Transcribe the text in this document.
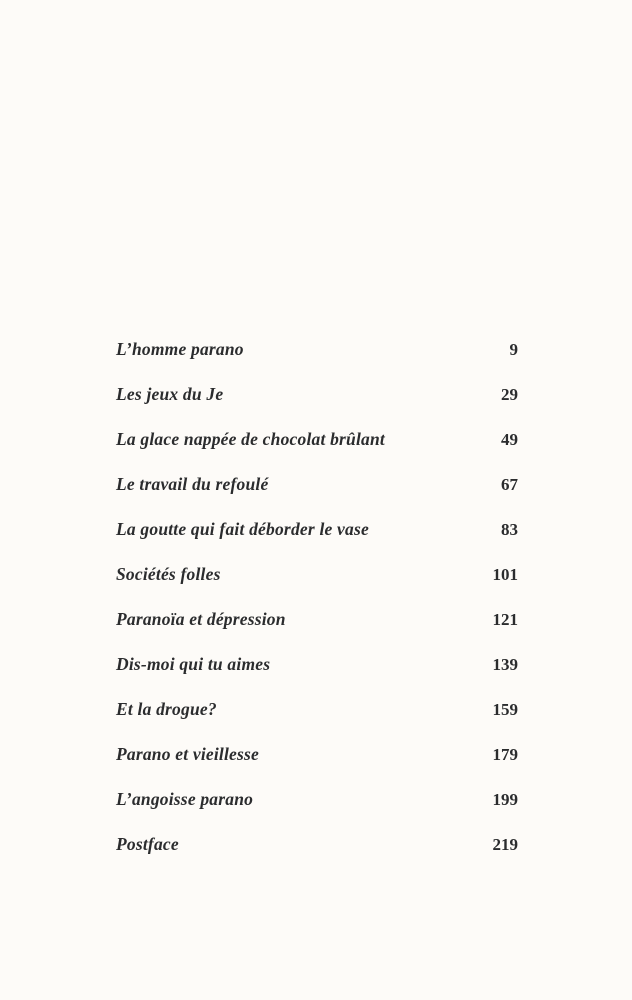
L’homme parano	9
Les jeux du Je	29
La glace nappée de chocolat brûlant	49
Le travail du refoulé	67
La goutte qui fait déborder le vase	83
Sociétés folles	101
Paranoïa et dépression	121
Dis-moi qui tu aimes	139
Et la drogue?	159
Parano et vieillesse	179
L’angoisse parano	199
Postface	219
